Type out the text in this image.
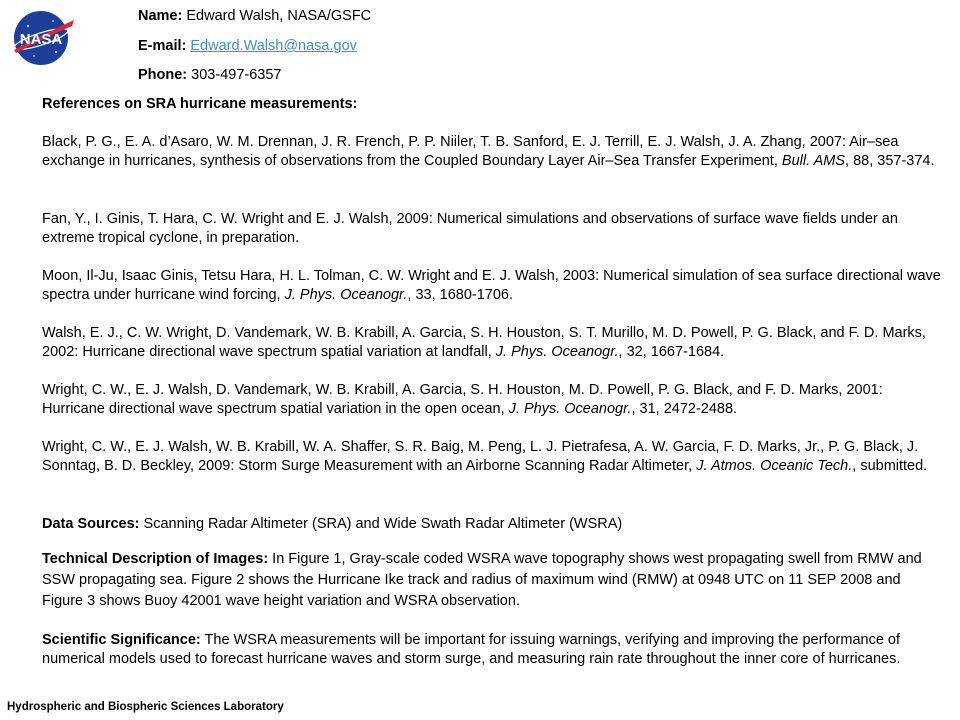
NASA
Name: Edward Walsh, NASA/GSFC
E-mail: Edward.Walsh@nasa.gov
Phone: 303-497-6357
References on SRA hurricane measurements:
Black, P. G., E. A. d’Asaro, W. M. Drennan, J. R. French, P. P. Niiler, T. B. Sanford, E. J. Terrill, E. J. Walsh, J. A. Zhang, 2007: Air–sea exchange in hurricanes, synthesis of observations from the Coupled Boundary Layer Air–Sea Transfer Experiment, Bull. AMS, 88, 357-374.
Fan, Y., I. Ginis, T. Hara, C. W. Wright and E. J. Walsh, 2009: Numerical simulations and observations of surface wave fields under an extreme tropical cyclone, in preparation.
Moon, Il-Ju, Isaac Ginis, Tetsu Hara, H. L. Tolman, C. W. Wright and E. J. Walsh, 2003: Numerical simulation of sea surface directional wave spectra under hurricane wind forcing, J. Phys. Oceanogr., 33, 1680-1706.
Walsh, E. J., C. W. Wright, D. Vandemark, W. B. Krabill, A. Garcia, S. H. Houston, S. T. Murillo, M. D. Powell, P. G. Black, and F. D. Marks, 2002: Hurricane directional wave spectrum spatial variation at landfall, J. Phys. Oceanogr., 32, 1667-1684.
Wright, C. W., E. J. Walsh, D. Vandemark, W. B. Krabill, A. Garcia, S. H. Houston, M. D. Powell, P. G. Black, and F. D. Marks, 2001: Hurricane directional wave spectrum spatial variation in the open ocean, J. Phys. Oceanogr., 31, 2472-2488.
Wright, C. W., E. J. Walsh, W. B. Krabill, W. A. Shaffer, S. R. Baig, M. Peng, L. J. Pietrafesa, A. W. Garcia, F. D. Marks, Jr., P. G. Black, J. Sonntag, B. D. Beckley, 2009: Storm Surge Measurement with an Airborne Scanning Radar Altimeter, J. Atmos. Oceanic Tech., submitted.
Data Sources: Scanning Radar Altimeter (SRA) and Wide Swath Radar Altimeter (WSRA)
Technical Description of Images: In Figure 1, Gray-scale coded WSRA wave topography shows west propagating swell from RMW and SSW propagating sea. Figure 2 shows the Hurricane Ike track and radius of maximum wind (RMW) at 0948 UTC on 11 SEP 2008 and Figure 3 shows Buoy 42001 wave height variation and WSRA observation.
Scientific Significance: The WSRA measurements will be important for issuing warnings, verifying and improving the performance of numerical models used to forecast hurricane waves and storm surge, and measuring rain rate throughout the inner core of hurricanes.
Hydrospheric and Biospheric Sciences Laboratory
